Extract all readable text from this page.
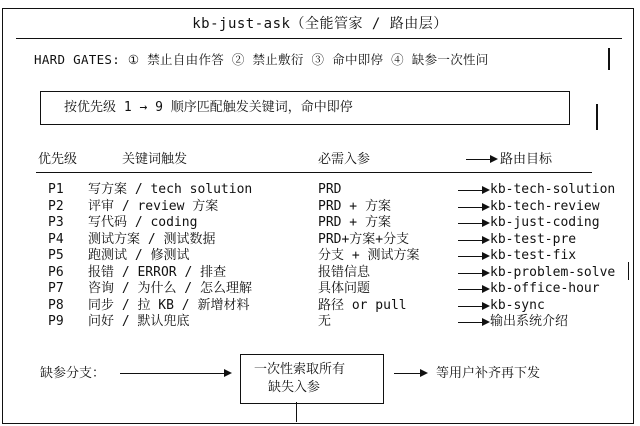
kb-just-ask（全能管家 / 路由层）
HARD GATES: ① 禁止自由作答 ② 禁止敷衍 ③ 命中即停 ④ 缺参一次性问
按优先级 1 → 9 顺序匹配触发关键词，命中即停
优先级	关键词触发	必需入参	路由目标
P1 写方案 / tech solution	PRD	kb-tech-solution
P2 评审 / review 方案	PRD + 方案	kb-tech-review
P3 写代码 / coding	PRD + 方案	kb-just-coding
P4 测试方案 / 测试数据	PRD+方案+分支	kb-test-pre
P5 跑测试 / 修测试	分支 + 测试方案	kb-test-fix
P6 报错 / ERROR / 排查	报错信息	kb-problem-solve
P7 咨询 / 为什么 / 怎么理解	具体问题	kb-office-hour
P8 同步 / 拉 KB / 新增材料	路径 or pull	kb-sync
P9 问好 / 默认兜底	无	输出系统介绍
缺参分支：	一次性索取所有
缺失入参
等用户补齐再下发
